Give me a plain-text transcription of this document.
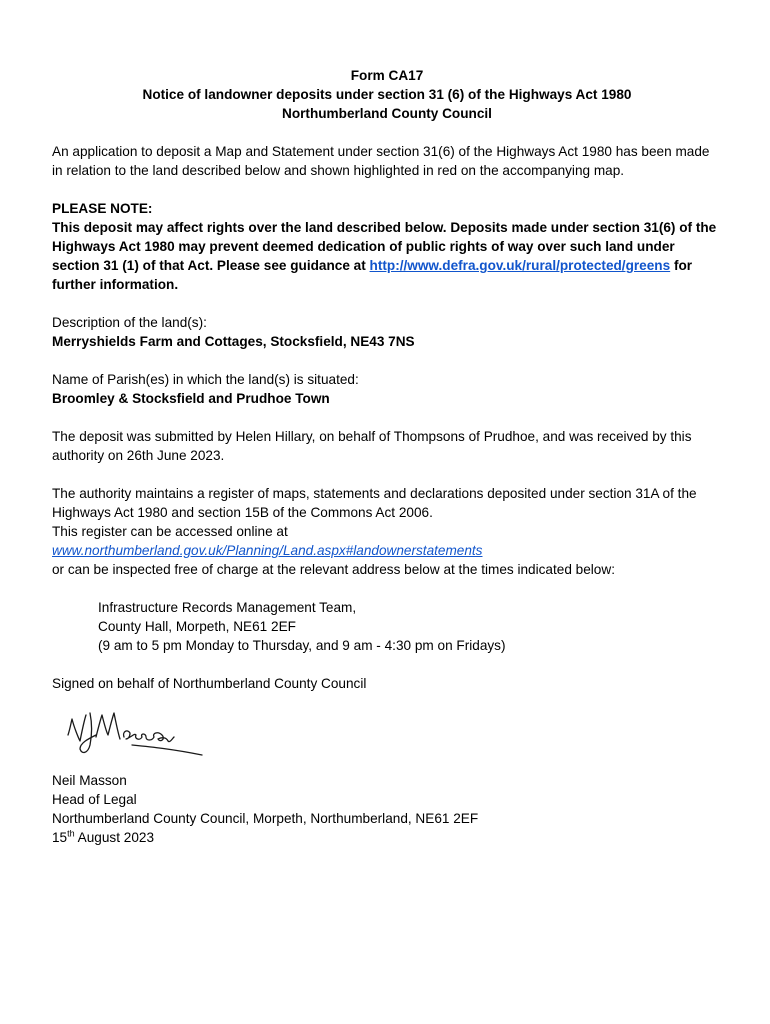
Form CA17

Notice of landowner deposits under section 31 (6) of the Highways Act 1980

Northumberland County Council

An application to deposit a Map and Statement under section 31(6) of the Highways Act 1980 has been made in relation to the land described below and shown highlighted in red on the accompanying map.

PLEASE NOTE:

This deposit may affect rights over the land described below. Deposits made under section 31(6) of the Highways Act 1980 may prevent deemed dedication of public rights of way over such land under section 31 (1) of that Act. Please see guidance at http://www.defra.gov.uk/rural/protected/greens for further information.

Description of the land(s):

Merryshields Farm and Cottages, Stocksfield, NE43 7NS

Name of Parish(es) in which the land(s) is situated:

Broomley & Stocksfield and Prudhoe Town

The deposit was submitted by Helen Hillary, on behalf of Thompsons of Prudhoe, and was received by this authority on 26th June 2023.

The authority maintains a register of maps, statements and declarations deposited under section 31A of the Highways Act 1980 and section 15B of the Commons Act 2006.

This register can be accessed online at

www.northumberland.gov.uk/Planning/Land.aspx#landownerstatements

or can be inspected free of charge at the relevant address below at the times indicated below:

Infrastructure Records Management Team,

County Hall, Morpeth, NE61 2EF

(9 am to 5 pm Monday to Thursday, and 9 am - 4:30 pm on Fridays)

Signed on behalf of Northumberland County Council

Neil Masson

Head of Legal

Northumberland County Council, Morpeth, Northumberland, NE61 2EF

15th August 2023
